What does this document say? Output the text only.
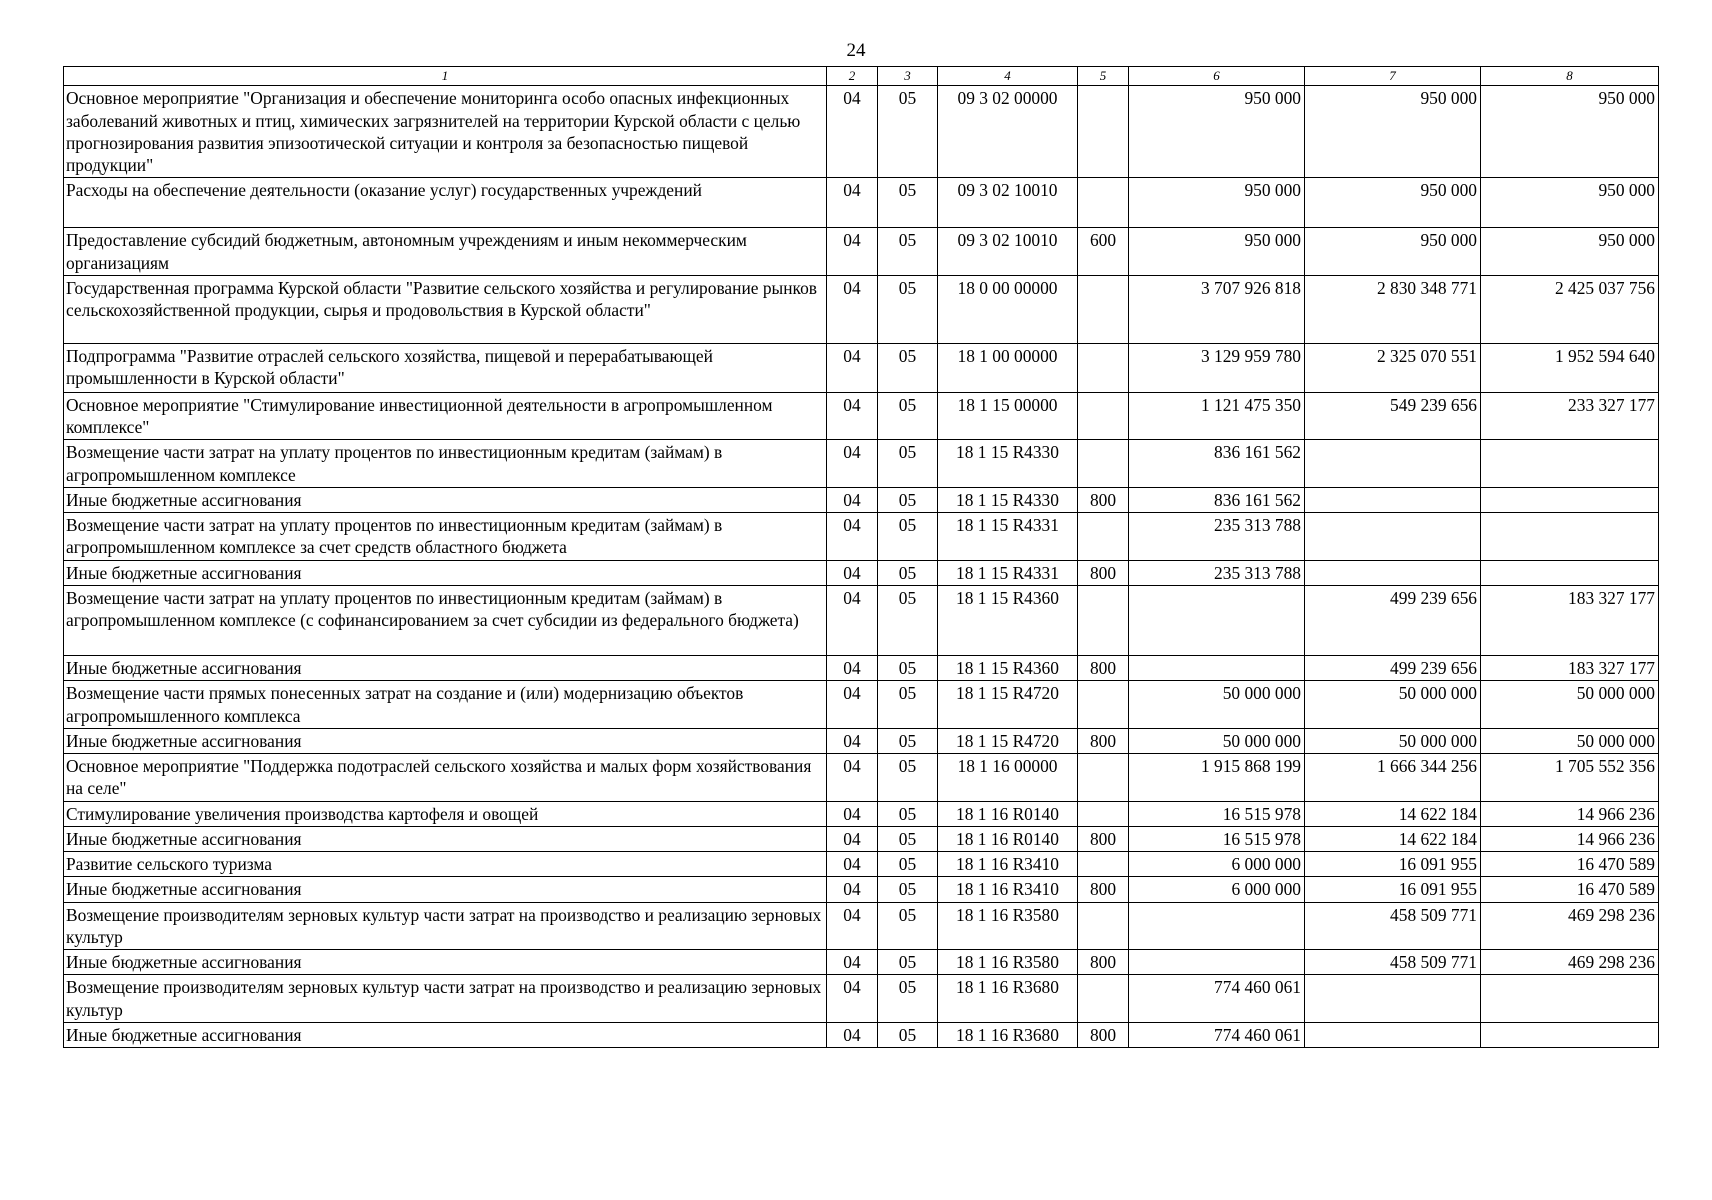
24
1	2	3	4	5	6	7	8
Основное мероприятие "Организация и обеспечение мониторинга особо опасных инфекционных заболеваний животных и птиц, химических загрязнителей на территории Курской области с целью прогнозирования развития эпизоотической ситуации и контроля за безопасностью пищевой продукции"	04	05	09 3 02 00000		950 000	950 000	950 000
Расходы на обеспечение деятельности (оказание услуг) государственных учреждений	04	05	09 3 02 10010		950 000	950 000	950 000
Предоставление субсидий бюджетным, автономным учреждениям и иным некоммерческим организациям	04	05	09 3 02 10010	600	950 000	950 000	950 000
Государственная программа Курской области "Развитие сельского хозяйства и регулирование рынков сельскохозяйственной продукции, сырья и продовольствия в Курской области"	04	05	18 0 00 00000		3 707 926 818	2 830 348 771	2 425 037 756
Подпрограмма "Развитие отраслей сельского хозяйства, пищевой и перерабатывающей промышленности в Курской области"	04	05	18 1 00 00000		3 129 959 780	2 325 070 551	1 952 594 640
Основное мероприятие "Стимулирование инвестиционной деятельности в агропромышленном комплексе"	04	05	18 1 15 00000		1 121 475 350	549 239 656	233 327 177
Возмещение части затрат на уплату процентов по инвестиционным кредитам (займам) в агропромышленном комплексе	04	05	18 1 15 R4330		836 161 562		
Иные бюджетные ассигнования	04	05	18 1 15 R4330	800	836 161 562		
Возмещение части затрат на уплату процентов по инвестиционным кредитам (займам) в агропромышленном комплексе за счет средств областного бюджета	04	05	18 1 15 R4331		235 313 788		
Иные бюджетные ассигнования	04	05	18 1 15 R4331	800	235 313 788		
Возмещение части затрат на уплату процентов по инвестиционным кредитам (займам) в агропромышленном комплексе (с софинансированием за счет субсидии из федерального бюджета)	04	05	18 1 15 R4360			499 239 656	183 327 177
Иные бюджетные ассигнования	04	05	18 1 15 R4360	800		499 239 656	183 327 177
Возмещение части прямых понесенных затрат на создание и (или) модернизацию объектов агропромышленного комплекса	04	05	18 1 15 R4720		50 000 000	50 000 000	50 000 000
Иные бюджетные ассигнования	04	05	18 1 15 R4720	800	50 000 000	50 000 000	50 000 000
Основное мероприятие "Поддержка подотраслей сельского хозяйства и малых форм хозяйствования на селе"	04	05	18 1 16 00000		1 915 868 199	1 666 344 256	1 705 552 356
Стимулирование увеличения производства картофеля и овощей	04	05	18 1 16 R0140		16 515 978	14 622 184	14 966 236
Иные бюджетные ассигнования	04	05	18 1 16 R0140	800	16 515 978	14 622 184	14 966 236
Развитие сельского туризма	04	05	18 1 16 R3410		6 000 000	16 091 955	16 470 589
Иные бюджетные ассигнования	04	05	18 1 16 R3410	800	6 000 000	16 091 955	16 470 589
Возмещение производителям зерновых культур части затрат на производство и реализацию зерновых культур	04	05	18 1 16 R3580			458 509 771	469 298 236
Иные бюджетные ассигнования	04	05	18 1 16 R3580	800		458 509 771	469 298 236
Возмещение производителям зерновых культур части затрат на производство и реализацию зерновых культур	04	05	18 1 16 R3680		774 460 061		
Иные бюджетные ассигнования	04	05	18 1 16 R3680	800	774 460 061		
